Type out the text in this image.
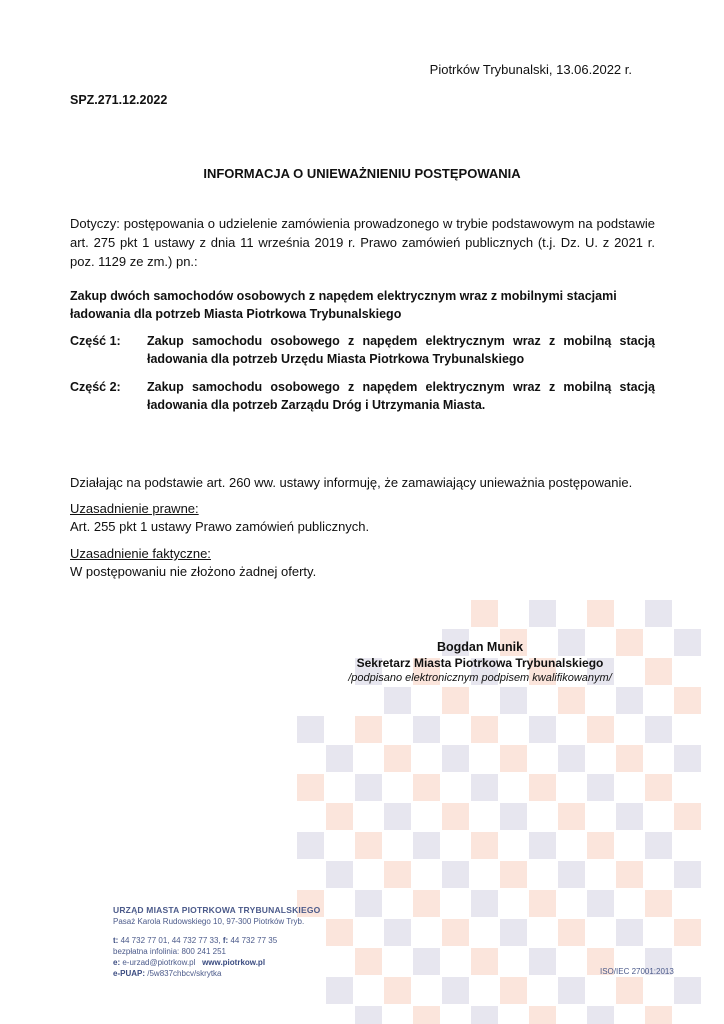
Piotrków Trybunalski, 13.06.2022 r.
SPZ.271.12.2022
INFORMACJA O UNIEWAŻNIENIU POSTĘPOWANIA
Dotyczy: postępowania o udzielenie zamówienia prowadzonego w trybie podstawowym na podstawie art. 275 pkt 1 ustawy z dnia 11 września 2019 r. Prawo zamówień publicznych (t.j. Dz. U. z 2021 r. poz. 1129 ze zm.) pn.:
Zakup dwóch samochodów osobowych z napędem elektrycznym wraz z mobilnymi stacjami ładowania dla potrzeb Miasta Piotrkowa Trybunalskiego
Część 1:	Zakup samochodu osobowego z napędem elektrycznym wraz z mobilną stacją ładowania dla potrzeb Urzędu Miasta Piotrkowa Trybunalskiego
Część 2:	Zakup samochodu osobowego z napędem elektrycznym wraz z mobilną stacją ładowania dla potrzeb Zarządu Dróg i Utrzymania Miasta.
Działając na podstawie art. 260 ww. ustawy informuję, że zamawiający unieważnia postępowanie.
Uzasadnienie prawne:
Art. 255 pkt 1 ustawy Prawo zamówień publicznych.
Uzasadnienie faktyczne:
W postępowaniu nie złożono żadnej oferty.
Bogdan Munik
Sekretarz Miasta Piotrkowa Trybunalskiego
/podpisano elektronicznym podpisem kwalifikowanym/
URZĄD MIASTA PIOTRKOWA TRYBUNALSKIEGO
Pasaż Karola Rudowskiego 10, 97-300 Piotrków Tryb.
t: 44 732 77 01, 44 732 77 33, f: 44 732 77 35
bezpłatna infolinia: 800 241 251
e: e-urzad@piotrkow.pl www.piotrkow.pl
e-PUAP: /5w837chbcv/skrytka	ISO/IEC 27001:2013
